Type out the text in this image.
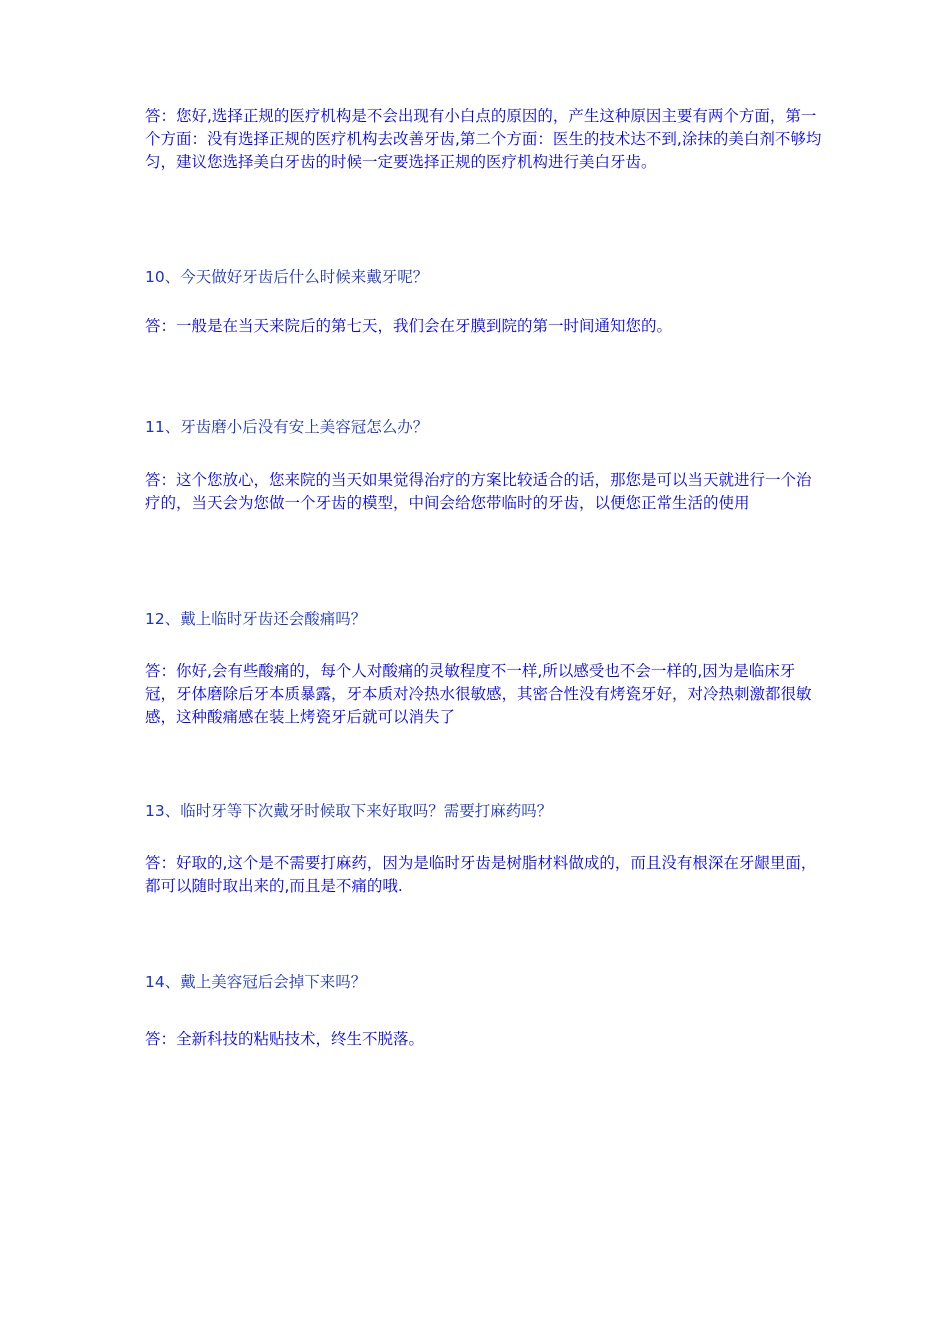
答：您好,选择正规的医疗机构是不会出现有小白点的原因的，产生这种原因主要有两个方面，第一个方面：没有选择正规的医疗机构去改善牙齿,第二个方面：医生的技术达不到,涂抹的美白剂不够均匀，建议您选择美白牙齿的时候一定要选择正规的医疗机构进行美白牙齿。

10、今天做好牙齿后什么时候来戴牙呢？

答：一般是在当天来院后的第七天，我们会在牙膜到院的第一时间通知您的。

11、牙齿磨小后没有安上美容冠怎么办？

答：这个您放心，您来院的当天如果觉得治疗的方案比较适合的话，那您是可以当天就进行一个治疗的，当天会为您做一个牙齿的模型，中间会给您带临时的牙齿，以便您正常生活的使用

12、戴上临时牙齿还会酸痛吗？

答：你好,会有些酸痛的，每个人对酸痛的灵敏程度不一样,所以感受也不会一样的,因为是临床牙冠，牙体磨除后牙本质暴露，牙本质对冷热水很敏感，其密合性没有烤瓷牙好，对冷热刺激都很敏感，这种酸痛感在装上烤瓷牙后就可以消失了

13、临时牙等下次戴牙时候取下来好取吗？需要打麻药吗？

答：好取的,这个是不需要打麻药，因为是临时牙齿是树脂材料做成的，而且没有根深在牙龈里面，都可以随时取出来的,而且是不痛的哦.

14、戴上美容冠后会掉下来吗？

答：全新科技的粘贴技术，终生不脱落。
